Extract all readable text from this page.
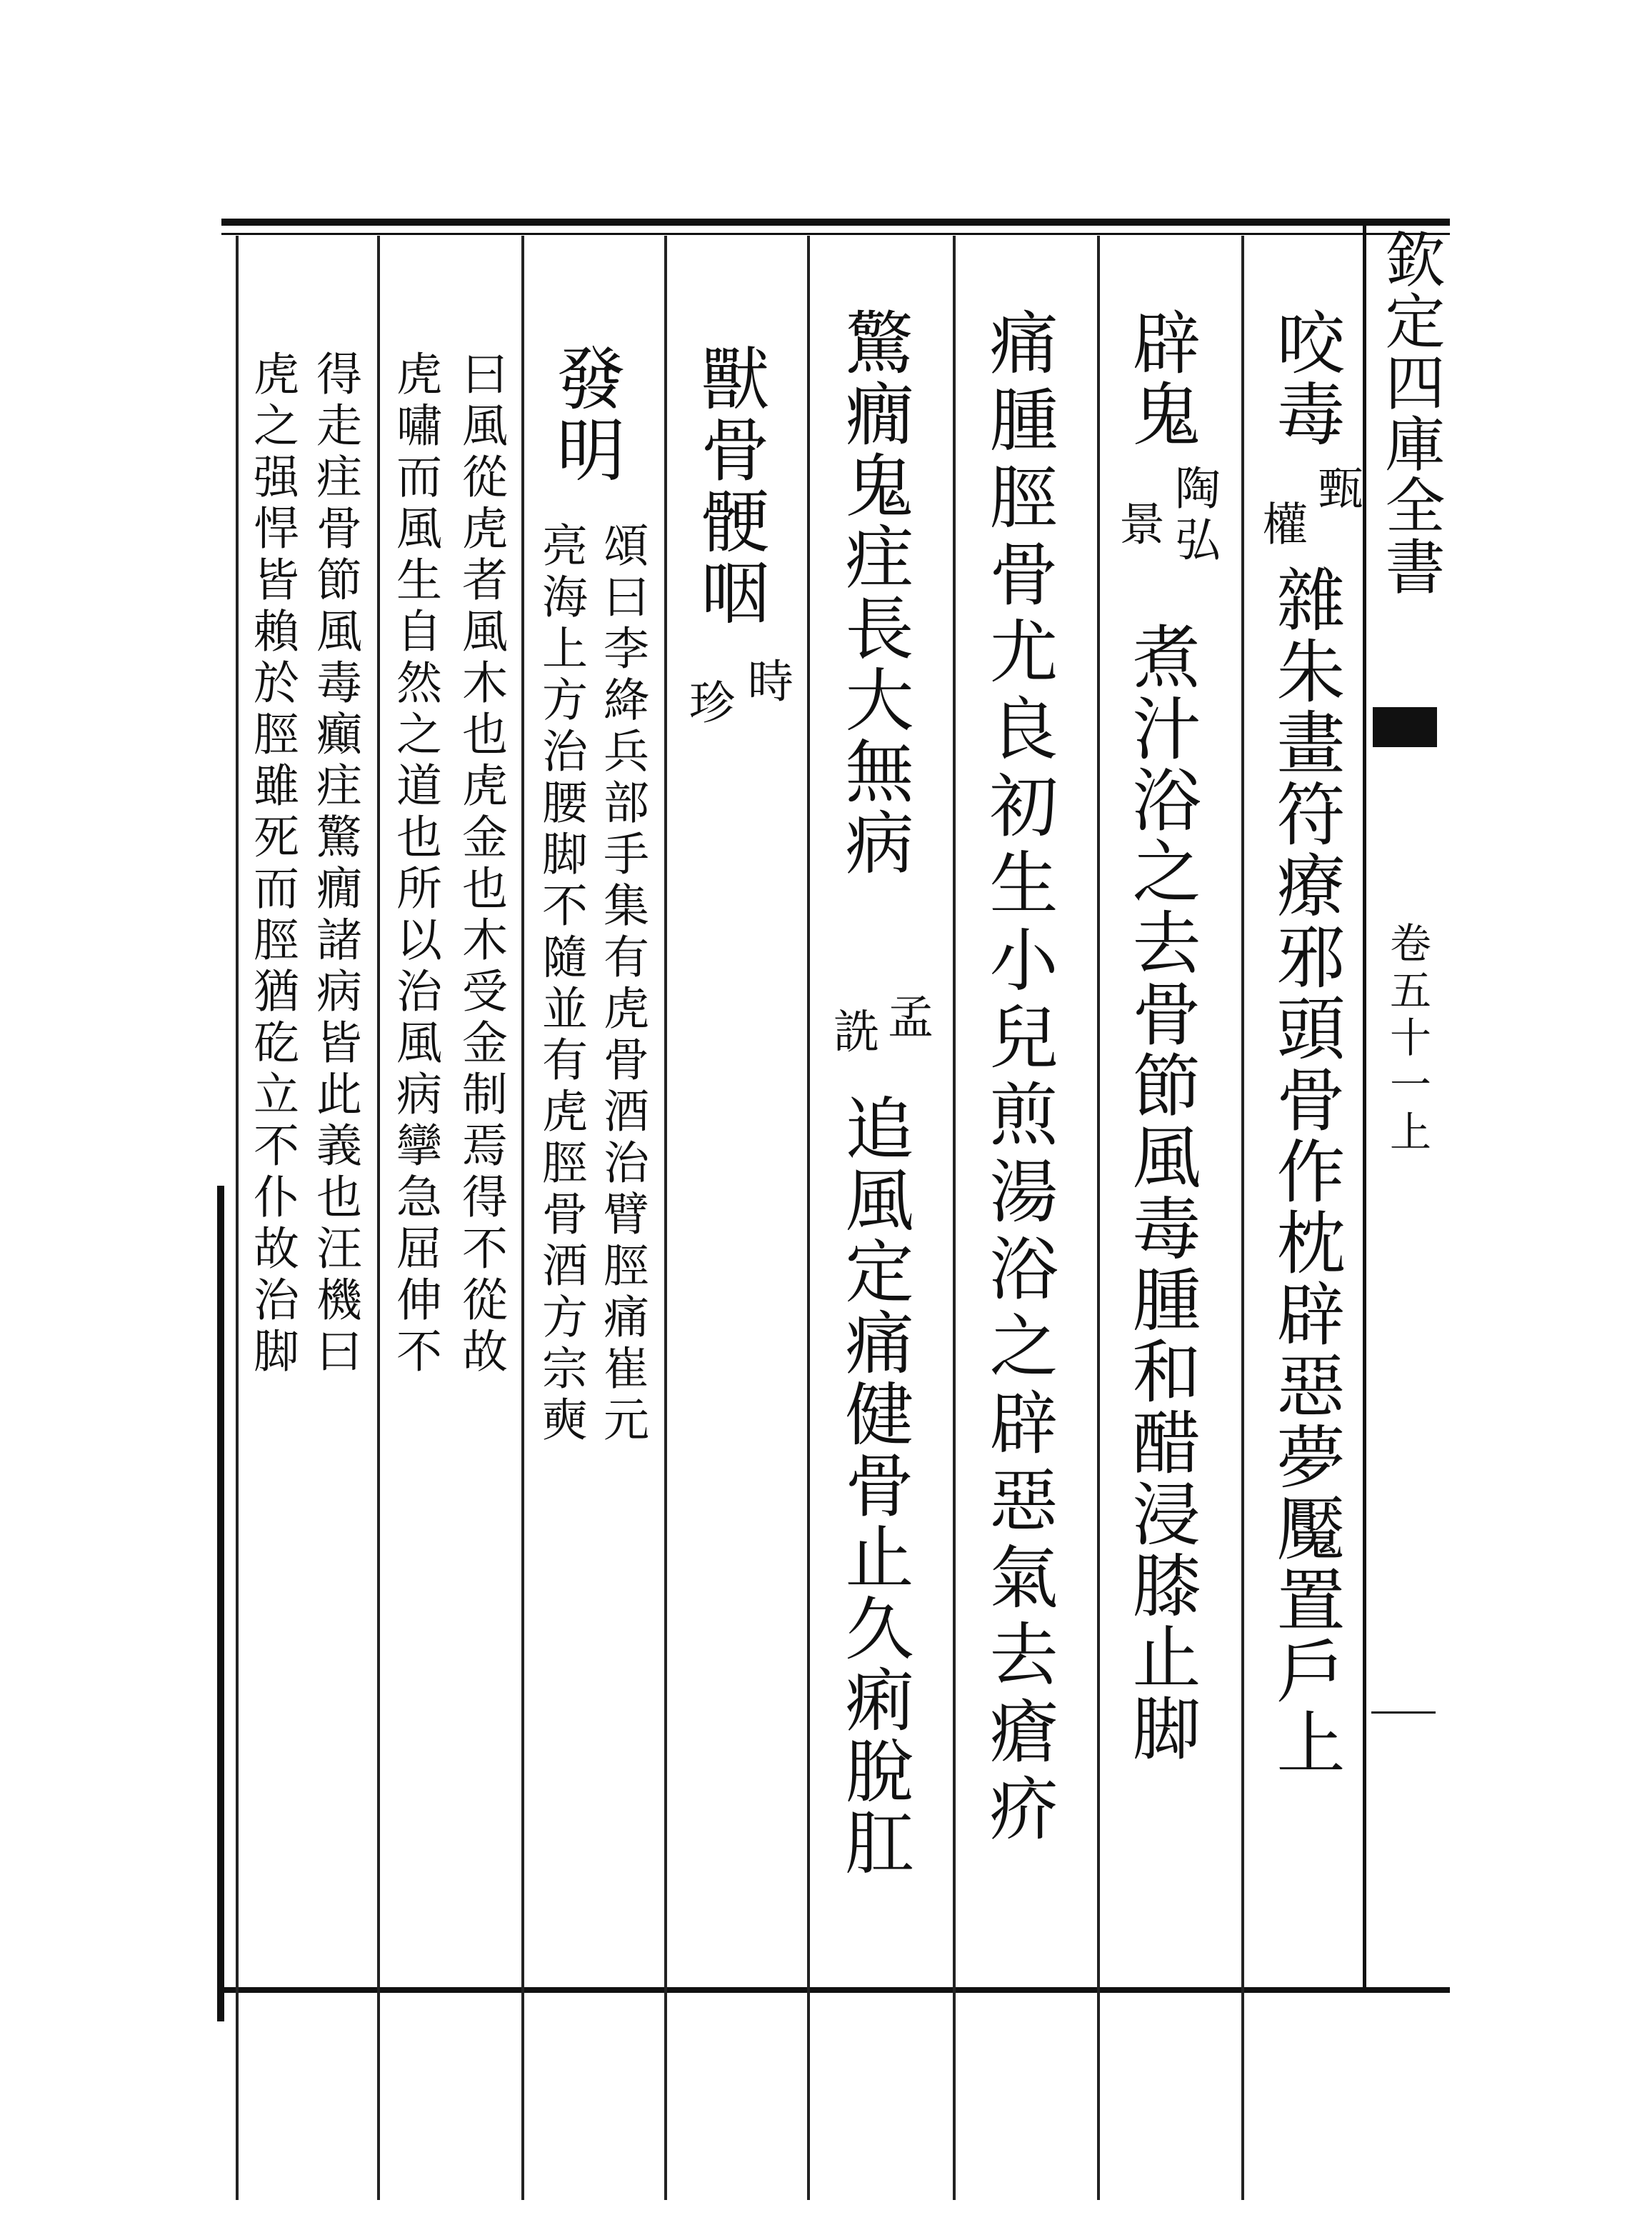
欽定四庫全書
卷五十一上
咬毒
甄
權
雜朱畫符療邪頭骨作枕辟惡夢魘置戶上
辟鬼
陶弘
景
煮汁浴之去骨節風毒腫和醋浸膝止脚
痛腫脛骨尤良初生小兒煎湯浴之辟惡氣去瘡疥
驚癇鬼疰長大無病
孟
詵
追風定痛健骨止久痢脫肛
獸骨骾咽
時
珍
發明
頌曰李絳兵部手集有虎骨酒治臂脛痛崔元
亮海上方治腰脚不隨並有虎脛骨酒方宗奭
曰風從虎者風木也虎金也木受金制焉得不從故
虎嘯而風生自然之道也所以治風病攣急屈伸不
得走疰骨節風毒癲疰驚癇諸病皆此義也汪機曰
虎之强悍皆賴於脛雖死而脛猶矻立不仆故治脚
